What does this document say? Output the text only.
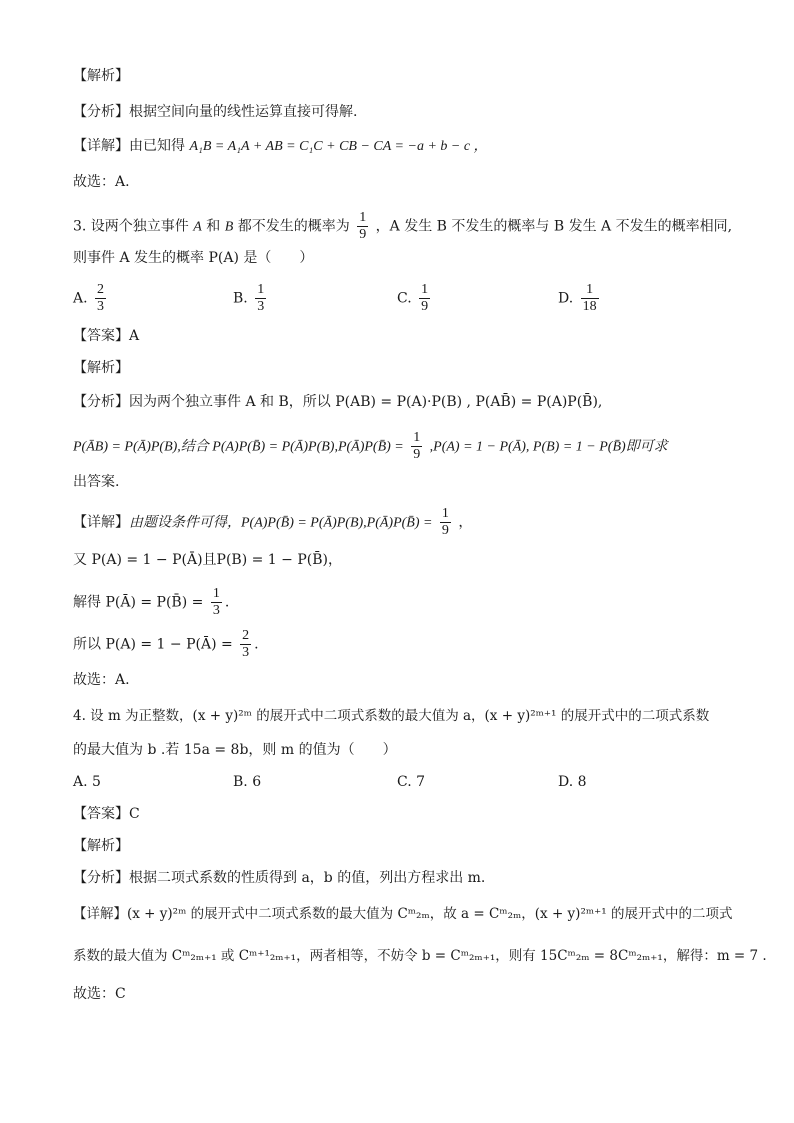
【解析】
【分析】根据空间向量的线性运算直接可得解.
【详解】由已知得 A₁B = A₁A + AB = C₁C + CB − CA = −a + b − c ，
故选：A.
3. 设两个独立事件 A 和 B 都不发生的概率为 $\frac{1}{9}$ ，A 发生 B 不发生的概率与 B 发生 A 不发生的概率相同,
则事件 A 发生的概率 P(A) 是（　　）
A. $\frac{2}{3}$	B. $\frac{1}{3}$	C. $\frac{1}{9}$	D. $\frac{1}{18}$
【答案】A
【解析】
【分析】因为两个独立事件 A 和 B，所以 P(AB) = P(A)·P(B) , P(AB̄) = P(A)P(B̄),
P(ĀB) = P(Ā)P(B),结合 P(A)P(B̄) = P(Ā)P(B),P(Ā)P(B̄) = $\frac{1}{9} ,P(A) = 1$ − P(Ā), P(B) = 1 − P(B̄)即可求
出答案.
【详解】由题设条件可得，P(A)P(B̄) = P(Ā)P(B),P(Ā)P(B̄) = $\frac{1}{9}$ ，
又 P(A) = 1 − P(Ā)且P(B) = 1 − P(B̄)，
解得 P(Ā) = P(B̄) = $\frac{1}{3}$ .
所以 P(A) = 1 − P(Ā) = $\frac{2}{3}$ .
故选：A.
4. 设 m 为正整数，(x + y)²ᵐ 的展开式中二项式系数的最大值为 a，(x + y)²ᵐ⁺¹ 的展开式中的二项式系数
的最大值为 b .若 15a = 8b，则 m 的值为（　　）
A. 5	B. 6	C. 7	D. 8
【答案】C
【解析】
【分析】根据二项式系数的性质得到 a，b 的值，列出方程求出 m.
【详解】(x + y)²ᵐ 的展开式中二项式系数的最大值为 Cᵐ₂ₘ，故 a = Cᵐ₂ₘ，(x + y)²ᵐ⁺¹ 的展开式中的二项式
系数的最大值为 Cᵐ₂ₘ₊₁ 或 Cᵐ⁺¹₂ₘ₊₁，两者相等，不妨令 b = Cᵐ₂ₘ₊₁，则有 15Cᵐ₂ₘ = 8Cᵐ₂ₘ₊₁，解得：m = 7 .
故选：C
